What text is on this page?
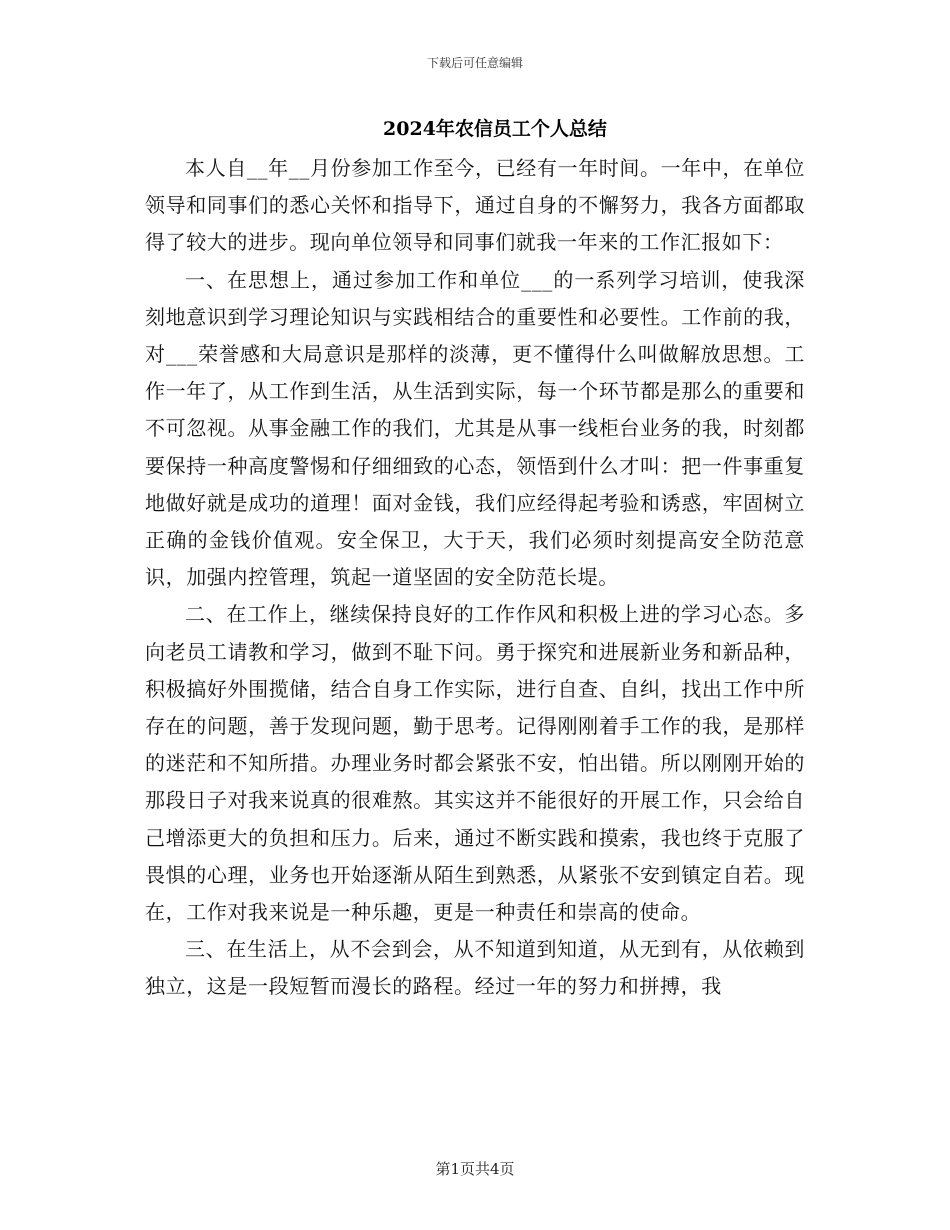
下载后可任意编辑
2024年农信员工个人总结

本人自__年__月份参加工作至今，已经有一年时间。一年中，在单位领导和同事们的悉心关怀和指导下，通过自身的不懈努力，我各方面都取得了较大的进步。现向单位领导和同事们就我一年来的工作汇报如下：

一、在思想上，通过参加工作和单位___的一系列学习培训，使我深刻地意识到学习理论知识与实践相结合的重要性和必要性。工作前的我，对___荣誉感和大局意识是那样的淡薄，更不懂得什么叫做解放思想。工作一年了，从工作到生活，从生活到实际，每一个环节都是那么的重要和不可忽视。从事金融工作的我们，尤其是从事一线柜台业务的我，时刻都要保持一种高度警惕和仔细细致的心态，领悟到什么才叫：把一件事重复地做好就是成功的道理！面对金钱，我们应经得起考验和诱惑，牢固树立正确的金钱价值观。安全保卫，大于天，我们必须时刻提高安全防范意识，加强内控管理，筑起一道坚固的安全防范长堤。

二、在工作上，继续保持良好的工作作风和积极上进的学习心态。多向老员工请教和学习，做到不耻下问。勇于探究和进展新业务和新品种，积极搞好外围揽储，结合自身工作实际，进行自查、自纠，找出工作中所存在的问题，善于发现问题，勤于思考。记得刚刚着手工作的我，是那样的迷茫和不知所措。办理业务时都会紧张不安，怕出错。所以刚刚开始的那段日子对我来说真的很难熬。其实这并不能很好的开展工作，只会给自己增添更大的负担和压力。后来，通过不断实践和摸索，我也终于克服了畏惧的心理，业务也开始逐渐从陌生到熟悉，从紧张不安到镇定自若。现在，工作对我来说是一种乐趣，更是一种责任和崇高的使命。

三、在生活上，从不会到会，从不知道到知道，从无到有，从依赖到独立，这是一段短暂而漫长的路程。经过一年的努力和拼搏，我

第1页共4页
